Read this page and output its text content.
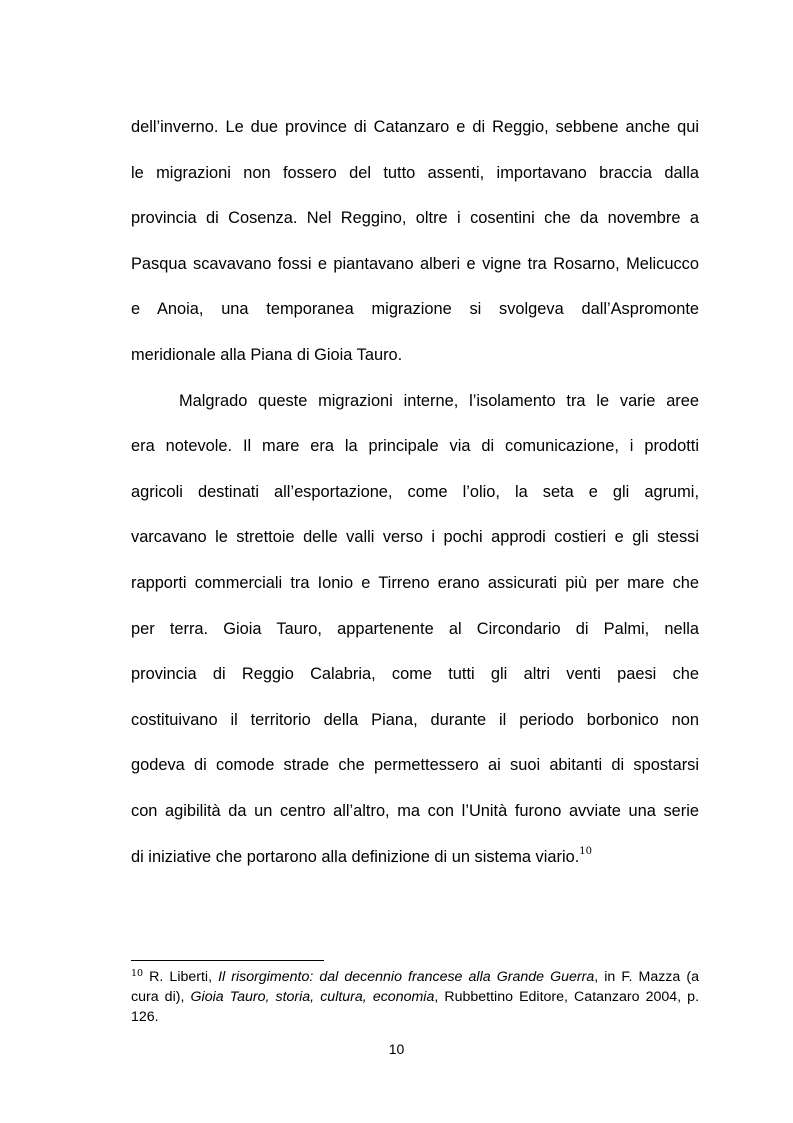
dell’inverno. Le due province di Catanzaro e di Reggio, sebbene anche qui
le migrazioni non fossero del tutto assenti, importavano braccia dalla
provincia di Cosenza. Nel Reggino, oltre i cosentini che da novembre a
Pasqua scavavano fossi e piantavano alberi e vigne tra Rosarno, Melicucco
e Anoia, una temporanea migrazione si svolgeva dall’Aspromonte
meridionale alla Piana di Gioia Tauro.
Malgrado queste migrazioni interne, l’isolamento tra le varie aree
era notevole. Il mare era la principale via di comunicazione, i prodotti
agricoli destinati all’esportazione, come l’olio, la seta e gli agrumi,
varcavano le strettoie delle valli verso i pochi approdi costieri e gli stessi
rapporti commerciali tra Ionio e Tirreno erano assicurati più per mare che
per terra. Gioia Tauro, appartenente al Circondario di Palmi, nella
provincia di Reggio Calabria, come tutti gli altri venti paesi che
costituivano il territorio della Piana, durante il periodo borbonico non
godeva di comode strade che permettessero ai suoi abitanti di spostarsi
con agibilità da un centro all’altro, ma con l’Unità furono avviate una serie
di iniziative che portarono alla definizione di un sistema viario.$^{10}$
$^{10}$ R. Liberti, Il risorgimento: dal decennio francese alla Grande Guerra, in F. Mazza (a
cura di), Gioia Tauro, storia, cultura, economia, Rubbettino Editore, Catanzaro 2004, p.
126.
10
